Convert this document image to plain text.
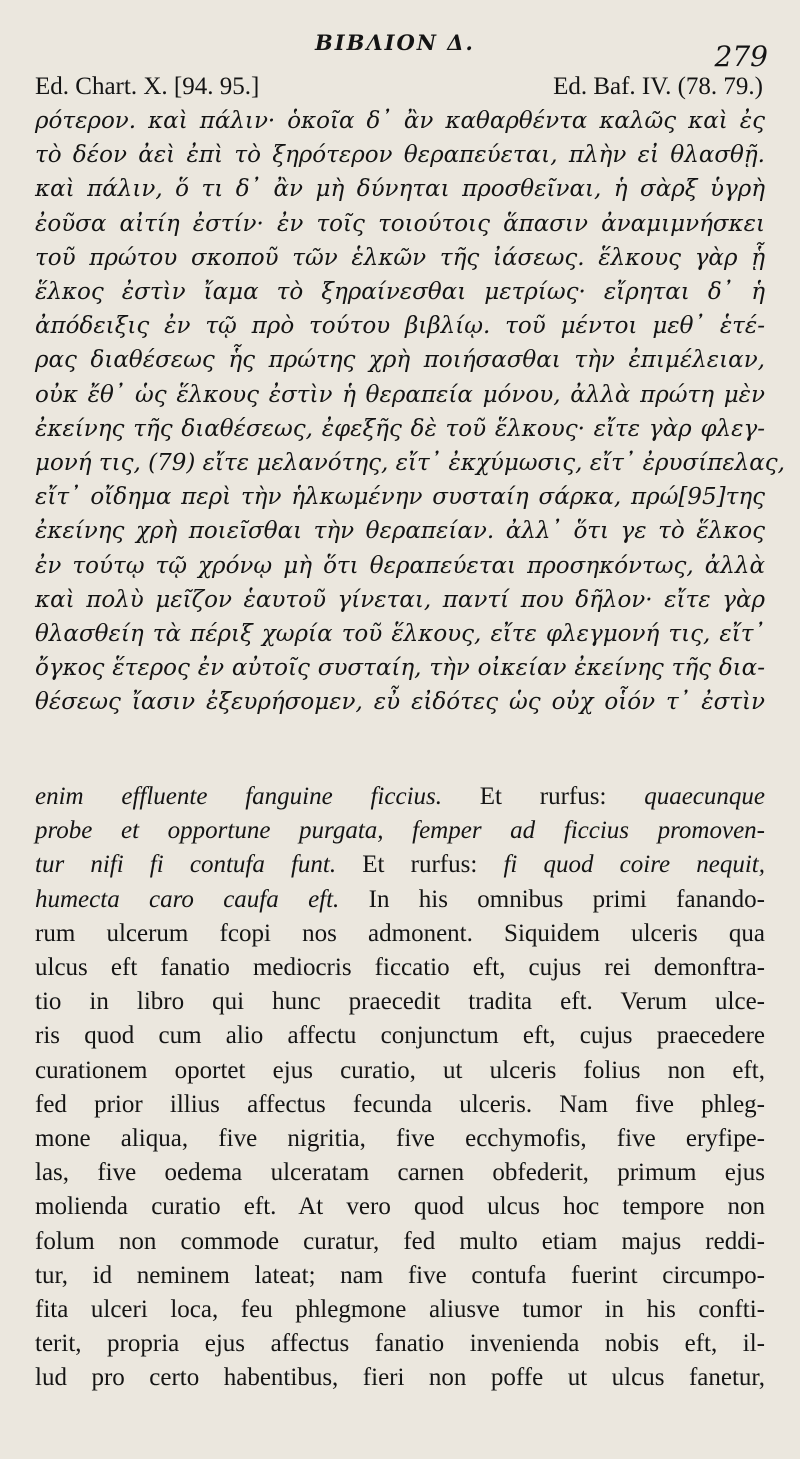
BIBΛΙΟΝ Δ.	279
Ed. Chart. X. [94. 95.]	Ed. Baf. IV. (78. 79.)
ρότερον. καὶ πάλιν· ὁκοῖα δ᾽ ἂν καθαρθέντα καλῶς καὶ ἐς
τὸ δέον ἀεὶ ἐπὶ τὸ ξηρότερον θεραπεύεται, πλὴν εἰ θλασθῇ.
καὶ πάλιν, ὅ τι δ᾽ ἂν μὴ δύνηται προσθεῖναι, ἡ σὰρξ ὑγρὴ
ἐοῦσα αἰτίη ἐστίν· ἐν τοῖς τοιούτοις ἅπασιν ἀναμιμνήσκει
τοῦ πρώτου σκοποῦ τῶν ἑλκῶν τῆς ἰάσεως. ἕλκους γὰρ ᾗ
ἕλκος ἐστὶν ἴαμα τὸ ξηραίνεσθαι μετρίως· εἴρηται δ᾽ ἡ
ἀπόδειξις ἐν τῷ πρὸ τούτου βιβλίῳ. τοῦ μέντοι μεθ᾽ ἑτέ-
ρας διαθέσεως ἧς πρώτης χρὴ ποιήσασθαι τὴν ἐπιμέλειαν,
οὐκ ἔθ᾽ ὡς ἕλκους ἐστὶν ἡ θεραπεία μόνου, ἀλλὰ πρώτη μὲν
ἐκείνης τῆς διαθέσεως, ἐφεξῆς δὲ τοῦ ἕλκους· εἴτε γὰρ φλεγ-
μονή τις, (79) εἴτε μελανότης, εἴτ᾽ ἐκχύμωσις, εἴτ᾽ ἐρυσίπελας,
εἴτ᾽ οἴδημα περὶ τὴν ἡλκωμένην συσταίη σάρκα, πρώ[95]της
ἐκείνης χρὴ ποιεῖσθαι τὴν θεραπείαν. ἀλλ᾽ ὅτι γε τὸ ἕλκος
ἐν τούτῳ τῷ χρόνῳ μὴ ὅτι θεραπεύεται προσηκόντως, ἀλλὰ
καὶ πολὺ μεῖζον ἑαυτοῦ γίνεται, παντί που δῆλον· εἴτε γὰρ
θλασθείη τὰ πέριξ χωρία τοῦ ἕλκους, εἴτε φλεγμονή τις, εἴτ᾽
ὄγκος ἕτερος ἐν αὐτοῖς συσταίη, τὴν οἰκείαν ἐκείνης τῆς δια-
θέσεως ἴασιν ἐξευρήσομεν, εὖ εἰδότες ὡς οὐχ οἷόν τ᾽ ἐστὶν
enim effluente fanguine ficcius. Et rurfus: quaecunque
probe et opportune purgata, femper ad ficcius promoven-
tur nifi fi contufa funt. Et rurfus: fi quod coire nequit,
humecta caro caufa eft. In his omnibus primi fanando-
rum ulcerum fcopi nos admonent. Siquidem ulceris qua
ulcus eft fanatio mediocris ficcatio eft, cujus rei demonftra-
tio in libro qui hunc praecedit tradita eft. Verum ulce-
ris quod cum alio affectu conjunctum eft, cujus praecedere
curationem oportet ejus curatio, ut ulceris folius non eft,
fed prior illius affectus fecunda ulceris. Nam five phleg-
mone aliqua, five nigritia, five ecchymofis, five eryfipe-
las, five oedema ulceratam carnen obfederit, primum ejus
molienda curatio eft. At vero quod ulcus hoc tempore non
folum non commode curatur, fed multo etiam majus reddi-
tur, id neminem lateat; nam five contufa fuerint circumpo-
fita ulceri loca, feu phlegmone aliusve tumor in his confti-
terit, propria ejus affectus fanatio invenienda nobis eft, il-
lud pro certo habentibus, fieri non poffe ut ulcus fanetur,
